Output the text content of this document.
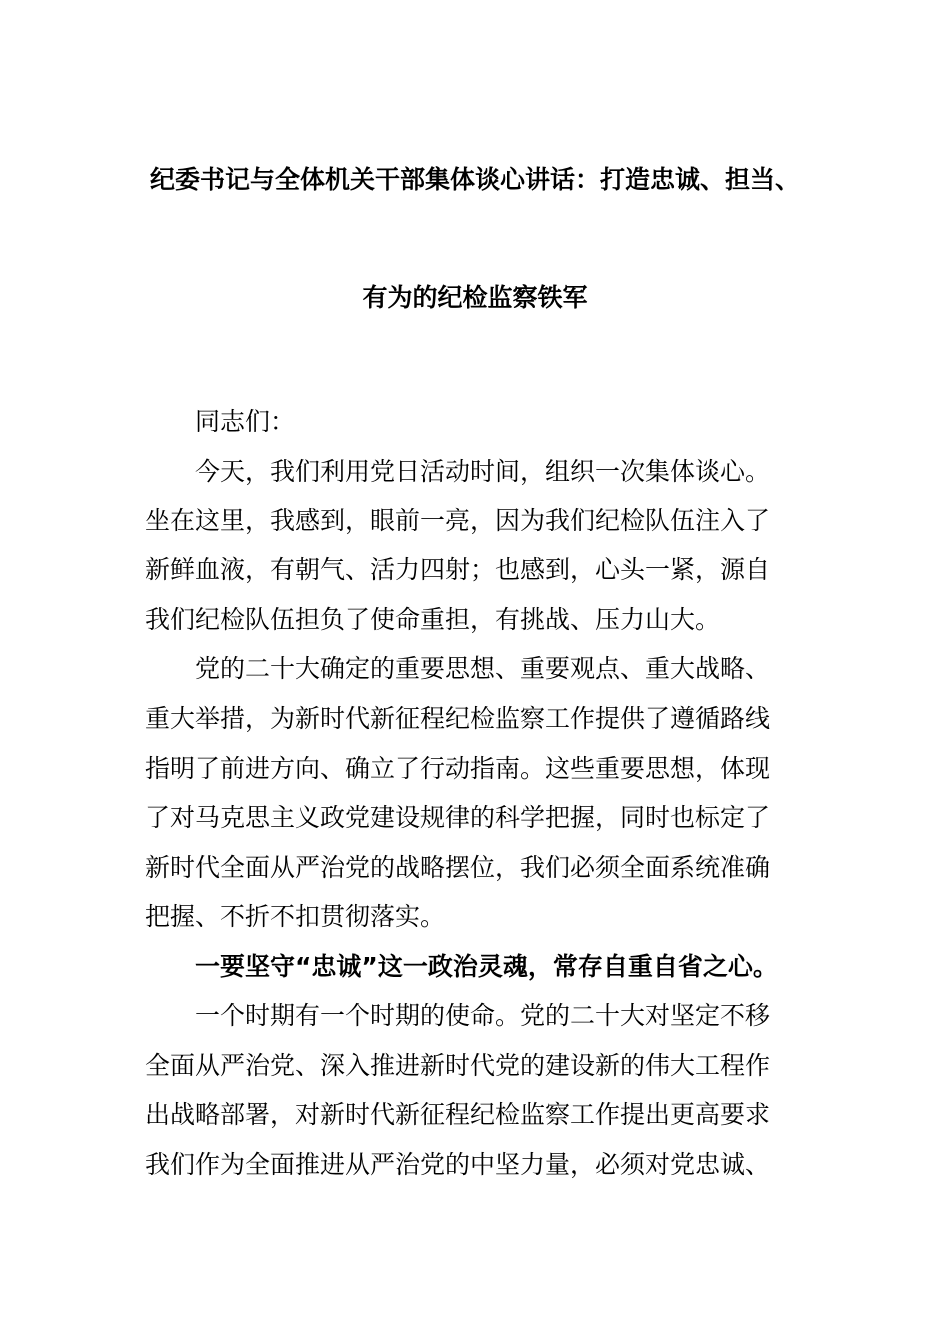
纪委书记与全体机关干部集体谈心讲话：打造忠诚、担当、
有为的纪检监察铁军
同志们：
今天，我们利用党日活动时间，组织一次集体谈心。
坐在这里，我感到，眼前一亮，因为我们纪检队伍注入了
新鲜血液，有朝气、活力四射；也感到，心头一紧，源自
我们纪检队伍担负了使命重担，有挑战、压力山大。
党的二十大确定的重要思想、重要观点、重大战略、
重大举措，为新时代新征程纪检监察工作提供了遵循路线
指明了前进方向、确立了行动指南。这些重要思想，体现
了对马克思主义政党建设规律的科学把握，同时也标定了
新时代全面从严治党的战略摆位，我们必须全面系统准确
把握、不折不扣贯彻落实。
一要坚守“忠诚”这一政治灵魂，常存自重自省之心。
一个时期有一个时期的使命。党的二十大对坚定不移
全面从严治党、深入推进新时代党的建设新的伟大工程作
出战略部署，对新时代新征程纪检监察工作提出更高要求
我们作为全面推进从严治党的中坚力量，必须对党忠诚、
